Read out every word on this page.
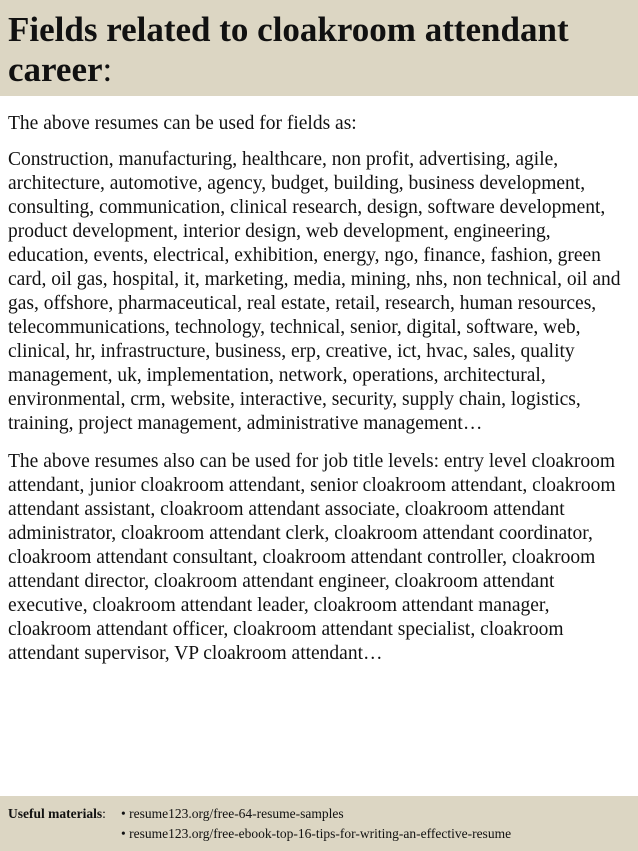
Fields related to cloakroom attendant career:

The above resumes can be used for fields as:

Construction, manufacturing, healthcare, non profit, advertising, agile, architecture, automotive, agency, budget, building, business development, consulting, communication, clinical research, design, software development, product development, interior design, web development, engineering, education, events, electrical, exhibition, energy, ngo, finance, fashion, green card, oil gas, hospital, it, marketing, media, mining, nhs, non technical, oil and gas, offshore, pharmaceutical, real estate, retail, research, human resources, telecommunications, technology, technical, senior, digital, software, web, clinical, hr, infrastructure, business, erp, creative, ict, hvac, sales, quality management, uk, implementation, network, operations, architectural, environmental, crm, website, interactive, security, supply chain, logistics, training, project management, administrative management…

The above resumes also can be used for job title levels: entry level cloakroom attendant, junior cloakroom attendant, senior cloakroom attendant, cloakroom attendant assistant, cloakroom attendant associate, cloakroom attendant administrator, cloakroom attendant clerk, cloakroom attendant coordinator, cloakroom attendant consultant, cloakroom attendant controller, cloakroom attendant director, cloakroom attendant engineer, cloakroom attendant executive, cloakroom attendant leader, cloakroom attendant manager, cloakroom attendant officer, cloakroom attendant specialist, cloakroom attendant supervisor, VP cloakroom attendant…

Useful materials:	• resume123.org/free-64-resume-samples
• resume123.org/free-ebook-top-16-tips-for-writing-an-effective-resume
